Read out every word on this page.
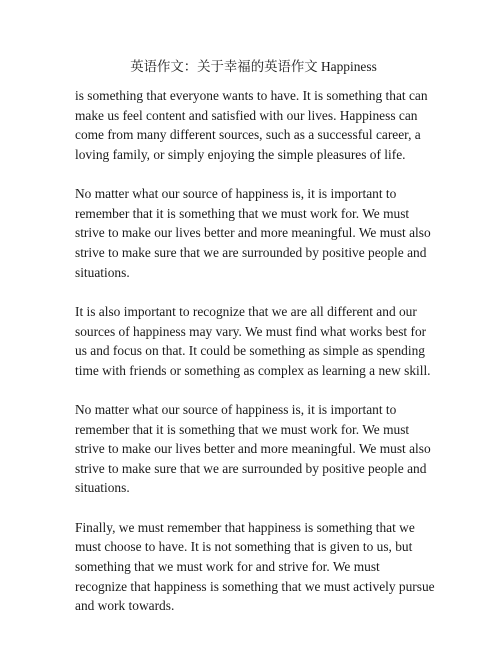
英语作文：关于幸福的英语作文 Happiness
is something that everyone wants to have. It is something that can
make us feel content and satisfied with our lives. Happiness can
come from many different sources, such as a successful career, a
loving family, or simply enjoying the simple pleasures of life.
No matter what our source of happiness is, it is important to
remember that it is something that we must work for. We must
strive to make our lives better and more meaningful. We must also
strive to make sure that we are surrounded by positive people and
situations.
It is also important to recognize that we are all different and our
sources of happiness may vary. We must find what works best for
us and focus on that. It could be something as simple as spending
time with friends or something as complex as learning a new skill.
No matter what our source of happiness is, it is important to
remember that it is something that we must work for. We must
strive to make our lives better and more meaningful. We must also
strive to make sure that we are surrounded by positive people and
situations.
Finally, we must remember that happiness is something that we
must choose to have. It is not something that is given to us, but
something that we must work for and strive for. We must
recognize that happiness is something that we must actively pursue
and work towards.
